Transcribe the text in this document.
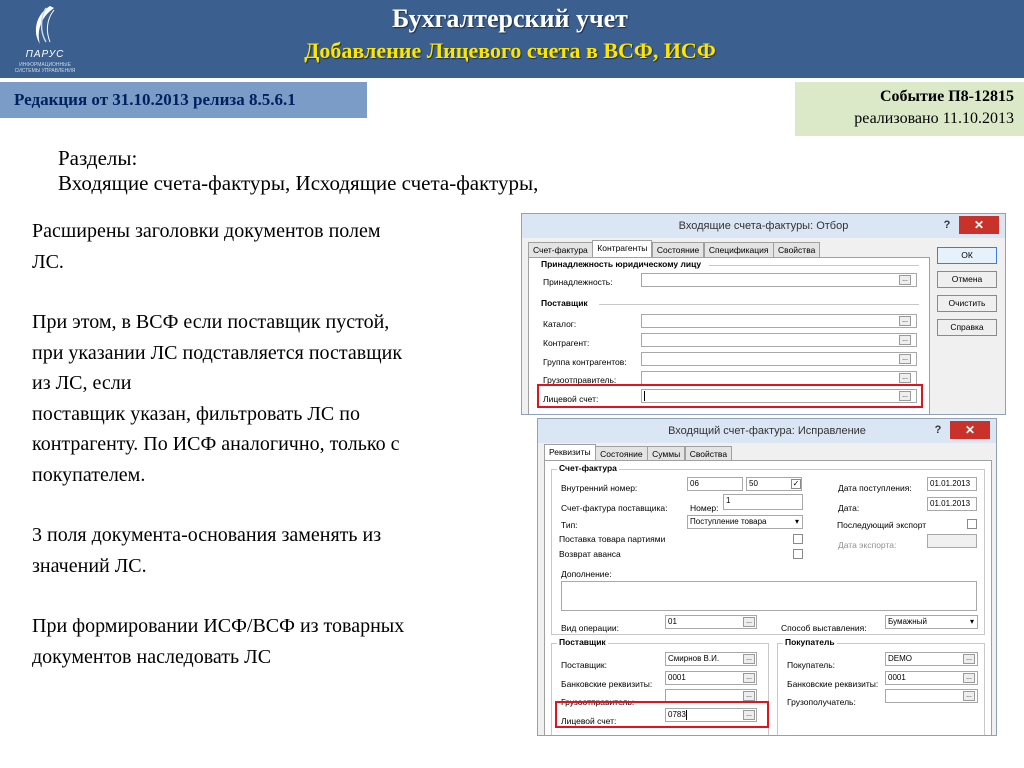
ПАРУС
ИНФОРМАЦИОННЫЕ СИСТЕМЫ УПРАВЛЕНИЯ
Бухгалтерский учет
Добавление Лицевого счета в ВСФ, ИСФ
Редакция от 31.10.2013 релиза 8.5.6.1	Событие П8-12815
реализовано 11.10.2013
Разделы:
Входящие счета-фактуры, Исходящие счета-фактуры,

Расширены заголовки документов полем

ЛС.

При этом, в ВСФ если поставщик пустой,

при указании ЛС подставляется поставщик

из ЛС, если

поставщик указан, фильтровать ЛС по

контрагенту. По ИСФ аналогично, только с

покупателем.

3 поля документа-основания заменять из

значений ЛС.

При формировании ИСФ/ВСФ из товарных

документов наследовать ЛС

Входящие счета-фактуры: Отбор	?	✕
Счет-фактура Контрагенты Состояние Спецификация Свойства
Принадлежность юридическому лицу
Принадлежность:	...
Поставщик
Каталог:	...
Контрагент:	...
Группа контрагентов:	...
Грузоотправитель:	...
Лицевой счет:	...
ОК
Отмена
Очистить
Справка
Входящий счет-фактура: Исправление	?	✕
Реквизиты Состояние Суммы Свойства
Счет-фактура
Внутренний номер:	06	50	✓
Счет-фактура поставщика:	Номер:
1
Тип:	Поступление товара	▾
Поставка товара партиями
Возврат аванса
Дата поступления:	01.01.2013
Дата:	01.01.2013
Последующий экспорт
Дата экспорта:
Дополнение:
Вид операции:
01	...
Способ выставления:
Бумажный	▾
Поставщик
Поставщик:
Смирнов В.И.	...
Банковские реквизиты:
0001	...
Грузоотправитель:
...
Лицевой счет:
0783	...
Покупатель
Покупатель:
DEMO	...
Банковские реквизиты:
0001	...
Грузополучатель:
...
